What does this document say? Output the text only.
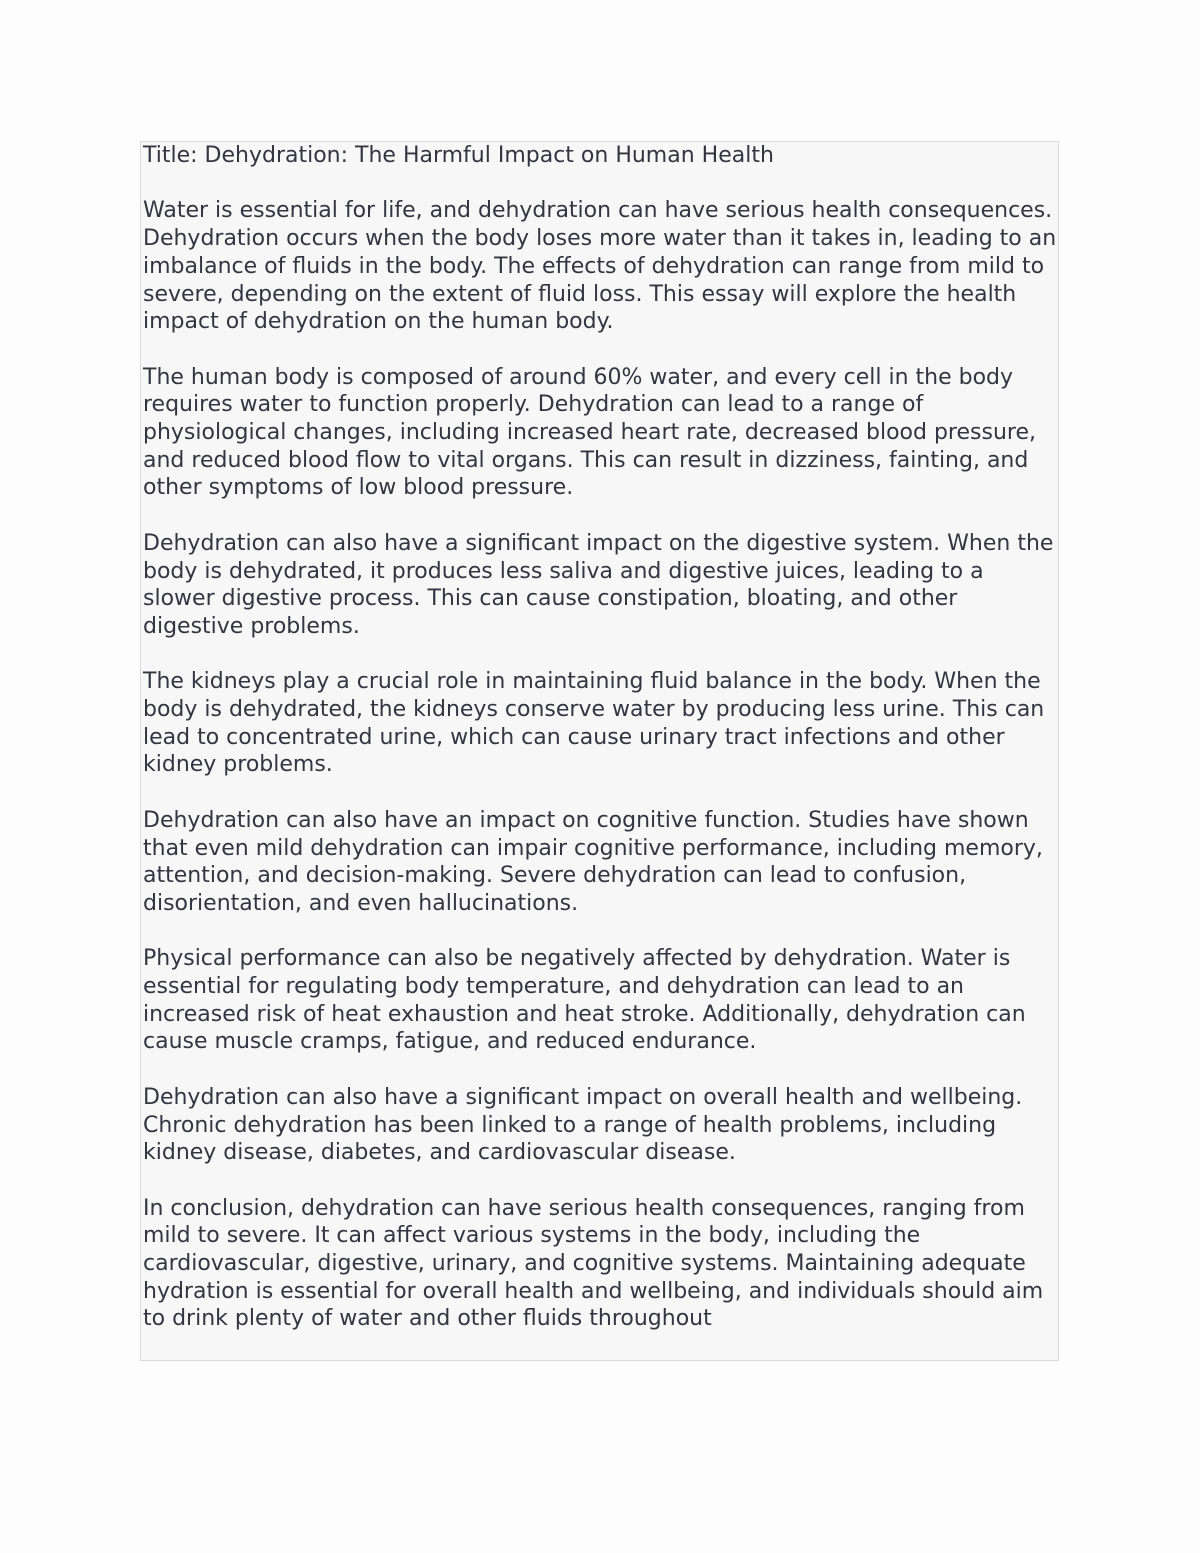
Title: Dehydration: The Harmful Impact on Human Health

Water is essential for life, and dehydration can have serious health consequences. Dehydration occurs when the body loses more water than it takes in, leading to an imbalance of fluids in the body. The effects of dehydration can range from mild to severe, depending on the extent of fluid loss. This essay will explore the health impact of dehydration on the human body.

The human body is composed of around 60% water, and every cell in the body requires water to function properly. Dehydration can lead to a range of physiological changes, including increased heart rate, decreased blood pressure, and reduced blood flow to vital organs. This can result in dizziness, fainting, and other symptoms of low blood pressure.

Dehydration can also have a significant impact on the digestive system. When the body is dehydrated, it produces less saliva and digestive juices, leading to a slower digestive process. This can cause constipation, bloating, and other digestive problems.

The kidneys play a crucial role in maintaining fluid balance in the body. When the body is dehydrated, the kidneys conserve water by producing less urine. This can lead to concentrated urine, which can cause urinary tract infections and other kidney problems.

Dehydration can also have an impact on cognitive function. Studies have shown that even mild dehydration can impair cognitive performance, including memory, attention, and decision-making. Severe dehydration can lead to confusion, disorientation, and even hallucinations.

Physical performance can also be negatively affected by dehydration. Water is essential for regulating body temperature, and dehydration can lead to an increased risk of heat exhaustion and heat stroke. Additionally, dehydration can cause muscle cramps, fatigue, and reduced endurance.

Dehydration can also have a significant impact on overall health and wellbeing. Chronic dehydration has been linked to a range of health problems, including kidney disease, diabetes, and cardiovascular disease.

In conclusion, dehydration can have serious health consequences, ranging from mild to severe. It can affect various systems in the body, including the cardiovascular, digestive, urinary, and cognitive systems. Maintaining adequate hydration is essential for overall health and wellbeing, and individuals should aim to drink plenty of water and other fluids throughout
